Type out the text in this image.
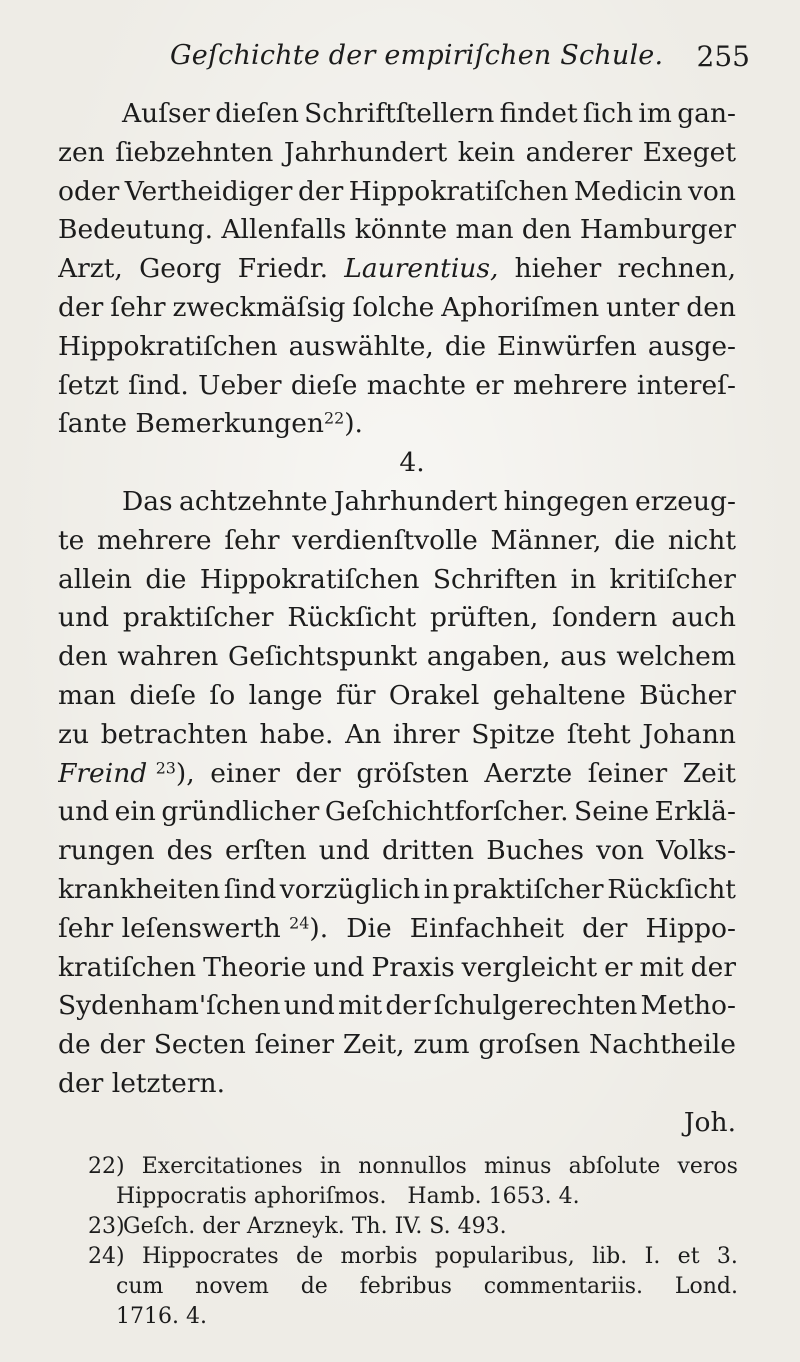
Geſchichte der empiriſchen Schule. 255
Auſser dieſen Schriftſtellern findet ſich im gan-
zen ſiebzehnten Jahrhundert kein anderer Exeget
oder Vertheidiger der Hippokratiſchen Medicin von
Bedeutung. Allenfalls könnte man den Hamburger
Arzt, Georg Friedr. Laurentius, hieher rechnen,
der ſehr zweckmäſsig ſolche Aphoriſmen unter den
Hippokratiſchen auswählte, die Einwürfen ausge-
ſetzt ſind. Ueber dieſe machte er mehrere intereſ-
ſante Bemerkungen$^{22}$).
4.
Das achtzehnte Jahrhundert hingegen erzeug-
te mehrere ſehr verdienſtvolle Männer, die nicht
allein die Hippokratiſchen Schriften in kritiſcher
und praktiſcher Rückſicht prüften, ſondern auch
den wahren Geſichtspunkt angaben, aus welchem
man dieſe ſo lange für Orakel gehaltene Bücher
zu betrachten habe. An ihrer Spitze ſteht Johann
Freind $^{23}$), einer der gröſsten Aerzte ſeiner Zeit
und ein gründlicher Geſchichtforſcher. Seine Erklä-
rungen des erſten und dritten Buches von Volks-
krankheiten ſind vorzüglich in praktiſcher Rückſicht
ſehr leſenswerth $^{24}$). Die Einfachheit der Hippo-
kratiſchen Theorie und Praxis vergleicht er mit der
Sydenham'ſchen und mit der ſchulgerechten Metho-
de der Secten ſeiner Zeit, zum groſsen Nachtheile
der letztern.
Joh.
22) Exercitationes in nonnullos minus abſolute veros
Hippocratis aphoriſmos.   Hamb. 1653. 4.
23) Geſch. der Arzneyk. Th. IV. S. 493.
24) Hippocrates de morbis popularibus, lib. I. et 3.
cum novem de febribus commentariis. Lond.
1716. 4.
